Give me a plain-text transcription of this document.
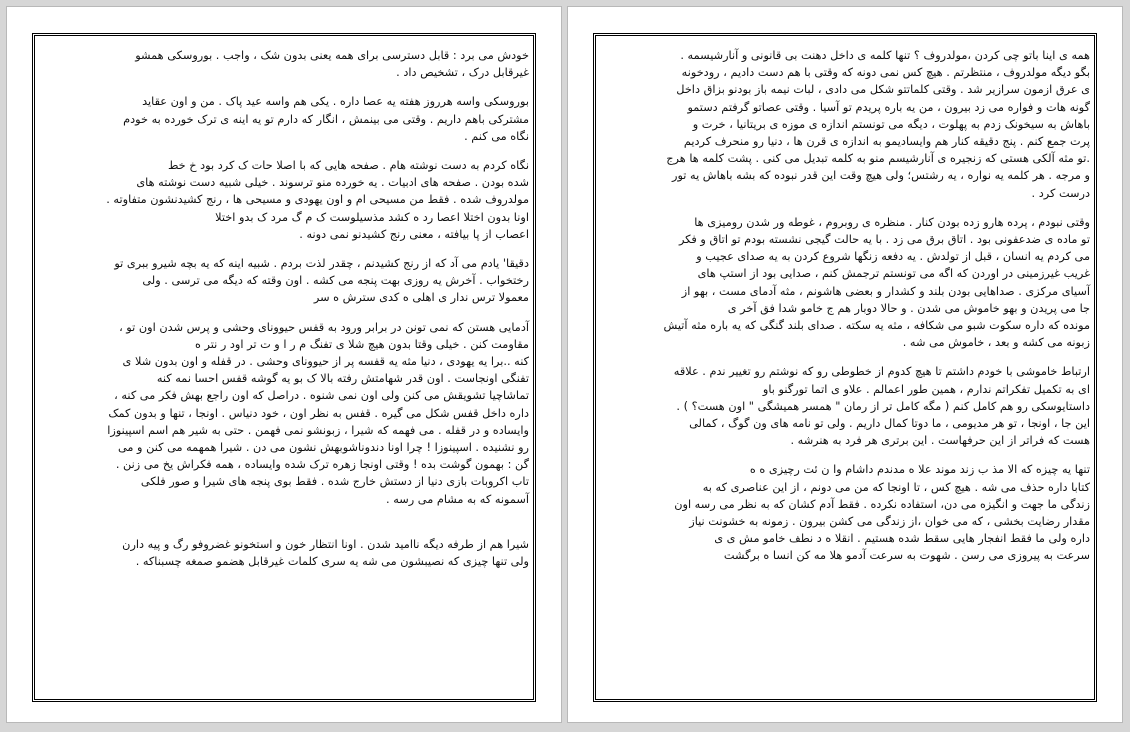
خودش می برد : قابل دسترسی برای همه یعنی بدون شک ، واجب . بوروسکی همشو
غیرقابل درک ، تشخیص داد .

بوروسکی واسه هرروز هفته یه عصا داره . یکی هم واسه عید پاک . من و اون عقاید
مشترکی باهم داریم . وقتی می بینمش ، انگار که دارم تو یه اینه ی ترک خورده به خودم
نگاه می کنم .

نگاه کردم به دست نوشته هام . صفحه هایی که با اصلا حات ک کرد بود خ خط
شده بودن . صفحه های ادبیات . یه خورده منو ترسوند . خیلی شبیه دست نوشته های
مولدروف شده . فقط من مسیحی ام و اون یهودی و مسیحی ها ، رنج کشیدنشون متفاوته .
اونا بدون اختلا اعصا رد ه کشد مذسیلوست ک م گ مرد ک بدو اختلا
اعصاب از پا بیافته ، معنی رنج کشیدنو نمی دونه .

دقیقا' یادم می آد که از رنج کشیدنم ، چقدر لذت بردم . شبیه اینه که یه بچه شیرو ببری تو
رختخواب . آخرش یه روزی بهت پنجه می کشه . اون وقته که دیگه می ترسی . ولی
معمولا ترس ندار ی اهلی ه کدی سترش ه سر

آدمایی هستن که نمی تونن در برابر ورود به قفس حیوونای وحشی و پرس شدن اون تو ،
مقاومت کنن . خیلی وقتا بدون هیچ شلا ی تفنگ م ر ا و ت تر اود ر نتر ه
کنه ..برا یه یهودی ، دنیا مثه یه قفسه پر از حیوونای وحشی . در قفله و اون بدون شلا ی
تفنگی اونجاست . اون قدر شهامتش رفته بالا ک بو یه گوشه قفس احسا نمه کنه
تماشاچیا تشویقش می کنن ولی اون نمی شنوه . دراصل که اون راجع بهش فکر می کنه ،
داره داخل قفس شکل می گیره . قفس به نظر اون ، خود دنیاس . اونجا ، تنها و بدون کمک
وایساده و در قفله . می فهمه که شیرا ، زبونشو نمی فهمن . حتی به شیر هم اسم اسپینوزا
رو نشنیده . اسپینوزا ! چرا اونا دندوناشوبهش نشون می دن . شیرا همهمه می کنن و می
گن : بهمون گوشت بده ! وقتی اونجا زهره ترک شده وایساده ، همه فکراش یخ می زنن .
تاب اکروبات بازی دنیا از دستش خارج شده . فقط بوی پنجه های شیرا و صور فلکی
آسمونه که به مشام می رسه .

شیرا هم از طرفه دیگه ناامید شدن . اونا انتظار خون و استخونو غضروفو رگ و پیه دارن
ولی تنها چیزی که نصیبشون می شه یه سری کلمات غیرقابل هضمو صمغه چسبناکه .

همه ی اینا باتو چی کردن ،مولدروف ؟ تنها کلمه ی داخل دهنت بی قانونی و آنارشیسمه .
بگو دیگه مولدروف ، منتظرتم . هیچ کس نمی دونه که وقتی با هم دست دادیم ، رودخونه
ی عرق ازمون سرازیر شد . وقتی کلماتتو شکل می دادی ، لبات نیمه باز بودنو بزاق داخل
گونه هات و فواره می زد بیرون ، من یه باره پریدم تو آسیا . وقتی عصاتو گرفتم دستمو
باهاش به سیخونک زدم به پهلوت ، دیگه می تونستم اندازه ی موزه ی بریتانیا ، خرت و
پرت جمع کنم . پنج دقیقه کنار هم وایسادیمو به اندازه ی قرن ها ، دنیا رو منحرف کردیم
.تو مثه آلکی هستی که زنجیره ی آنارشیسم منو به کلمه تبدیل می کنی . پشت کلمه ها هرج
و مرجه . هر کلمه یه نواره ، یه رشتس؛ ولی هیچ وقت این قدر نبوده که بشه باهاش یه تور
درست کرد .

وقتی نبودم ، پرده هارو زده بودن کنار . منظره ی روبروم ، غوطه ور شدن رومیزی ها
تو ماده ی ضدعفونی بود . اتاق برق می زد . با یه حالت گیجی نشسته بودم تو اتاق و فکر
می کردم یه انسان ، قبل از تولدش . یه دفعه زنگها شروع کردن به یه صدای عجیب و
غریب غیرزمینی در اوردن که اگه می تونستم ترجمش کنم ، صدایی بود از استپ های
آسیای مرکزی . صداهایی بودن بلند و کشدار و بعضی هاشونم ، مثه آدمای مست ، بهو از
جا می پریدن و بهو خاموش می شدن . و حالا دوبار هم ج خامو شدا فق آخر ی
مونده که داره سکوت شبو می شکافه ، مثه یه سکته . صدای بلند گنگی که یه باره مثه آتیش
زبونه می کشه و بعد ، خاموش می شه .

ارتباط خاموشی با خودم داشتم تا هیچ کدوم از خطوطی رو که نوشتم رو تغییر ندم . علاقه
ای به تکمیل تفکراتم ندارم ، همین طور اعمالم . علاو ی اتما تورگنو باو
داستایوسکی رو هم کامل کنم ( مگه کامل تر از رمان " همسر همیشگی " اون هست؟ ) .
این جا ، اونجا ، تو هر مدیومی ، ما دوتا کمال داریم . ولی تو نامه های ون گوگ ، کمالی
هست که فراتر از این حرفهاست . این برتری هر فرد به هنرشه .

تنها یه چیزه که الا مذ ب زند موند علا ه مدندم داشام وا ن ئت رچیزی ه ه
کتابا داره حذف می شه . هیچ کس ، تا اونجا که من می دونم ، از این عناصری که به
زندگی ما جهت و انگیزه می دن، استفاده نکرده . فقط آدم کشان که به نظر می رسه اون
مقدار رضایت بخشی ، که می خوان ،از زندگی می کشن بیرون . زمونه به خشونت نیاز
داره ولی ما فقط انفجار هایی سقط شده هستیم . انقلا ه د نطف خامو مش ی ی
سرعت به پیروزی می رسن . شهوت به سرعت آدمو هلا مه کن انسا ه برگشت
